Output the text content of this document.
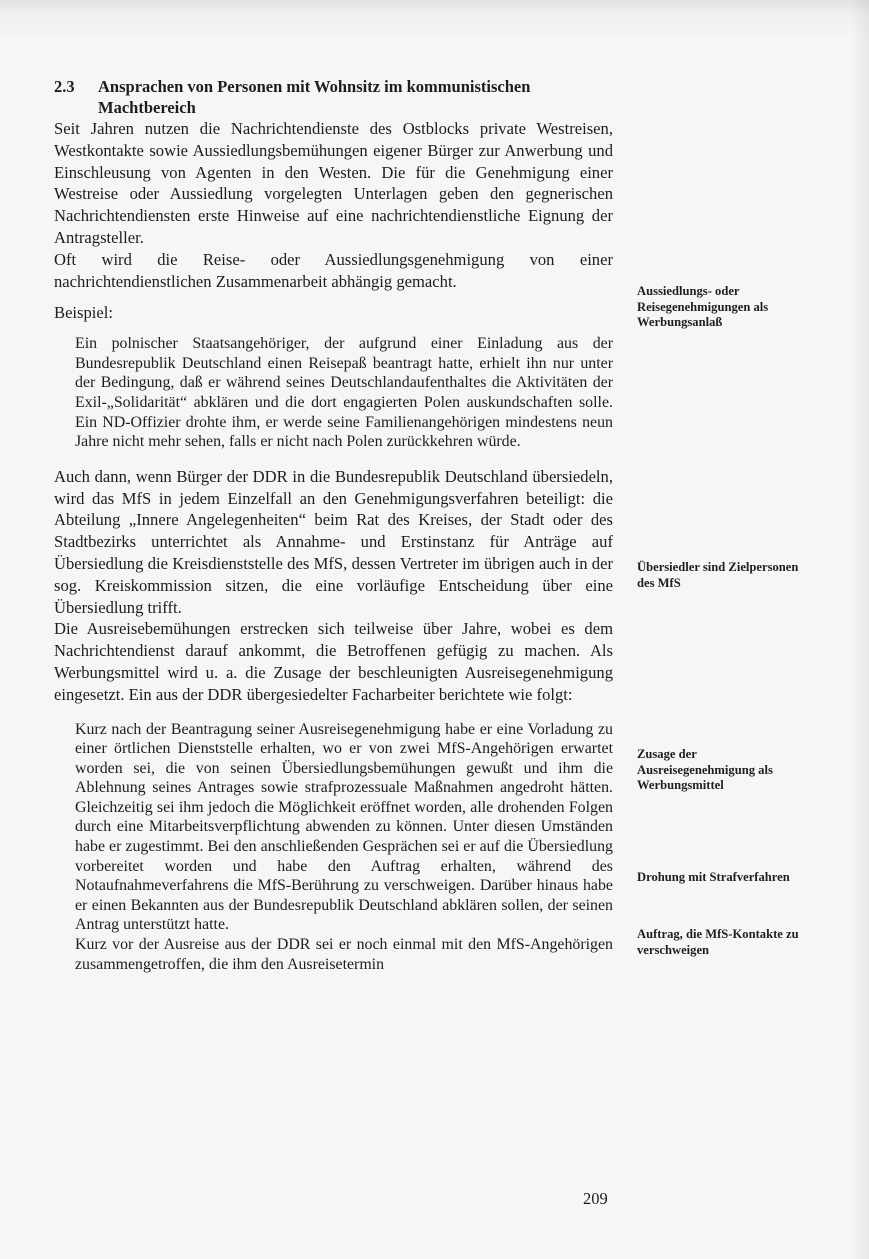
2.3	Ansprachen von Personen mit Wohnsitz im kommunistischen Machtbereich

Seit Jahren nutzen die Nachrichtendienste des Ostblocks private Westreisen, Westkontakte sowie Aussiedlungsbemühungen eigener Bürger zur Anwerbung und Einschleusung von Agenten in den Westen. Die für die Genehmigung einer Westreise oder Aussiedlung vorgelegten Unterlagen geben den gegnerischen Nachrichtendiensten erste Hinweise auf eine nachrichtendienstliche Eignung der Antragsteller.

Oft wird die Reise- oder Aussiedlungsgenehmigung von einer nachrichtendienstlichen Zusammenarbeit abhängig gemacht.

Beispiel:

Ein polnischer Staatsangehöriger, der aufgrund einer Einladung aus der Bundesrepublik Deutschland einen Reisepaß beantragt hatte, erhielt ihn nur unter der Bedingung, daß er während seines Deutschlandaufenthaltes die Aktivitäten der Exil-„Solidarität“ abklären und die dort engagierten Polen auskundschaften solle. Ein ND-Offizier drohte ihm, er werde seine Familienangehörigen mindestens neun Jahre nicht mehr sehen, falls er nicht nach Polen zurückkehren würde.

Auch dann, wenn Bürger der DDR in die Bundesrepublik Deutschland übersiedeln, wird das MfS in jedem Einzelfall an den Genehmigungsverfahren beteiligt: die Abteilung „Innere Angelegenheiten“ beim Rat des Kreises, der Stadt oder des Stadtbezirks unterrichtet als Annahme- und Erstinstanz für Anträge auf Übersiedlung die Kreisdienststelle des MfS, dessen Vertreter im übrigen auch in der sog. Kreiskommission sitzen, die eine vorläufige Entscheidung über eine Übersiedlung trifft.

Die Ausreisebemühungen erstrecken sich teilweise über Jahre, wobei es dem Nachrichtendienst darauf ankommt, die Betroffenen gefügig zu machen. Als Werbungsmittel wird u. a. die Zusage der beschleunigten Ausreisegenehmigung eingesetzt. Ein aus der DDR übergesiedelter Facharbeiter berichtete wie folgt:

Kurz nach der Beantragung seiner Ausreisegenehmigung habe er eine Vorladung zu einer örtlichen Dienststelle erhalten, wo er von zwei MfS-Angehörigen erwartet worden sei, die von seinen Übersiedlungsbemühungen gewußt und ihm die Ablehnung seines Antrages sowie strafprozessuale Maßnahmen angedroht hätten. Gleichzeitig sei ihm jedoch die Möglichkeit eröffnet worden, alle drohenden Folgen durch eine Mitarbeitsverpflichtung abwenden zu können. Unter diesen Umständen habe er zugestimmt. Bei den anschließenden Gesprächen sei er auf die Übersiedlung vorbereitet worden und habe den Auftrag erhalten, während des Notaufnahmeverfahrens die MfS-Berührung zu verschweigen. Darüber hinaus habe er einen Bekannten aus der Bundesrepublik Deutschland abklären sollen, der seinen Antrag unterstützt hatte.

Kurz vor der Ausreise aus der DDR sei er noch einmal mit den MfS-Angehörigen zusammengetroffen, die ihm den Ausreisetermin

Aussiedlungs- oder Reisegenehmigungen als Werbungsanlaß
Übersiedler sind Zielpersonen des MfS
Zusage der Ausreisegenehmigung als Werbungsmittel
Drohung mit Strafverfahren
Auftrag, die MfS-Kontakte zu verschweigen
209
